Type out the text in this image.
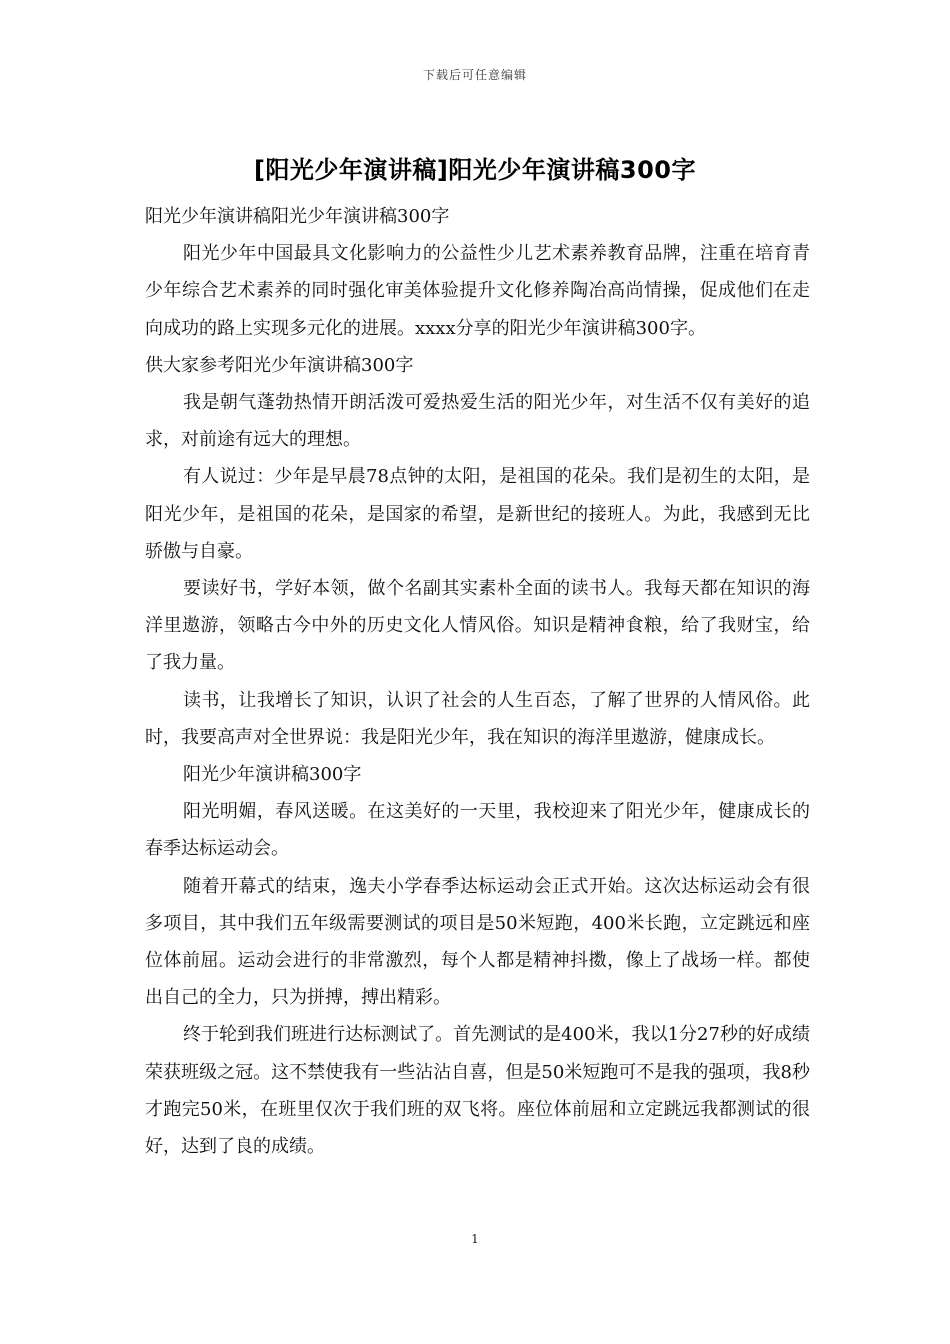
下载后可任意编辑
[阳光少年演讲稿]阳光少年演讲稿300字

阳光少年演讲稿阳光少年演讲稿300字

阳光少年中国最具文化影响力的公益性少儿艺术素养教育品牌，注重在培育青少年综合艺术素养的同时强化审美体验提升文化修养陶冶高尚情操，促成他们在走向成功的路上实现多元化的进展。xxxx分享的阳光少年演讲稿300字。

供大家参考阳光少年演讲稿300字

我是朝气蓬勃热情开朗活泼可爱热爱生活的阳光少年，对生活不仅有美好的追求，对前途有远大的理想。

有人说过：少年是早晨78点钟的太阳，是祖国的花朵。我们是初生的太阳，是阳光少年，是祖国的花朵，是国家的希望，是新世纪的接班人。为此，我感到无比骄傲与自豪。

要读好书，学好本领，做个名副其实素朴全面的读书人。我每天都在知识的海洋里遨游，领略古今中外的历史文化人情风俗。知识是精神食粮，给了我财宝，给了我力量。

读书，让我增长了知识，认识了社会的人生百态，了解了世界的人情风俗。此时，我要高声对全世界说：我是阳光少年，我在知识的海洋里遨游，健康成长。

阳光少年演讲稿300字

阳光明媚，春风送暖。在这美好的一天里，我校迎来了阳光少年，健康成长的春季达标运动会。

随着开幕式的结束，逸夫小学春季达标运动会正式开始。这次达标运动会有很多项目，其中我们五年级需要测试的项目是50米短跑，400米长跑，立定跳远和座位体前屈。运动会进行的非常激烈，每个人都是精神抖擞，像上了战场一样。都使出自己的全力，只为拼搏，搏出精彩。

终于轮到我们班进行达标测试了。首先测试的是400米，我以1分27秒的好成绩荣获班级之冠。这不禁使我有一些沾沾自喜，但是50米短跑可不是我的强项，我8秒才跑完50米，在班里仅次于我们班的双飞将。座位体前屈和立定跳远我都测试的很好，达到了良的成绩。

1
